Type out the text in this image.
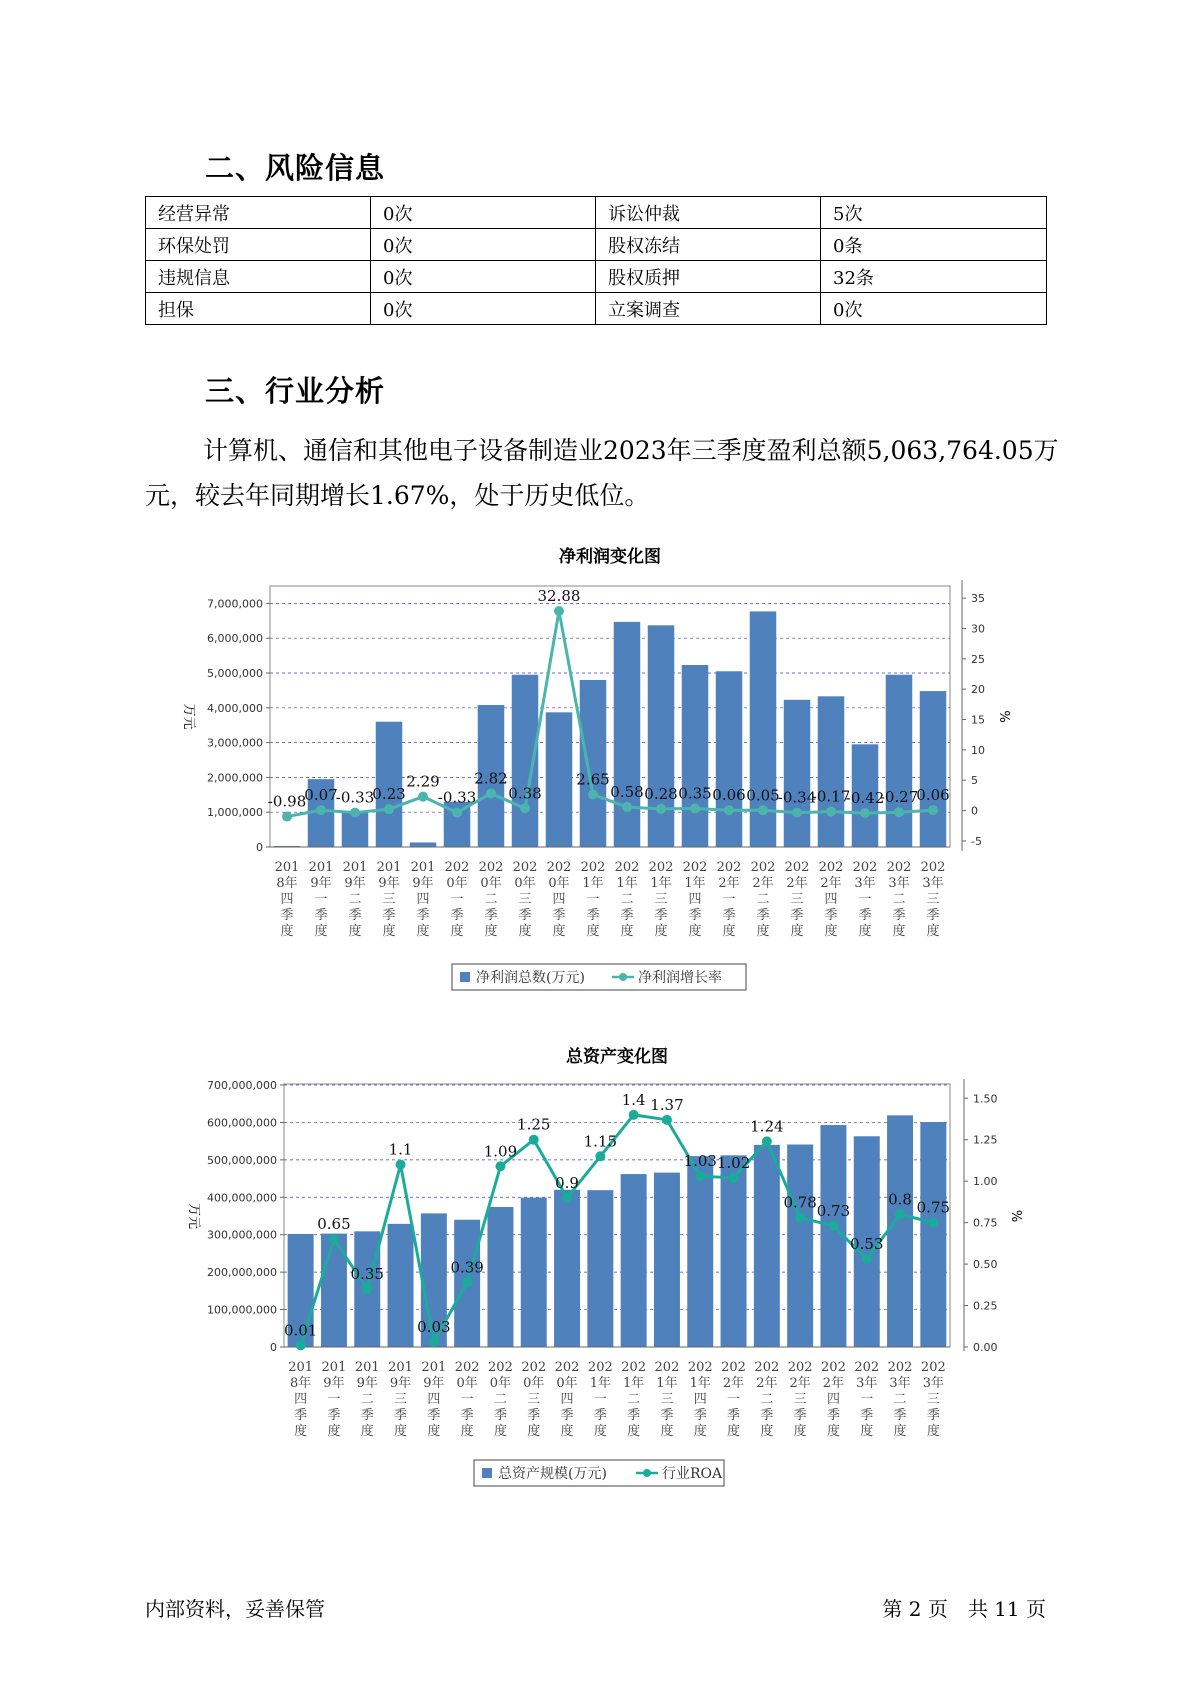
二、风险信息
经营异常	0次	诉讼仲裁	5次
环保处罚	0次	股权冻结	0条
违规信息	0次	股权质押	32条
担保	0次	立案调查	0次
三、行业分析
计算机、通信和其他电子设备制造业2023年三季度盈利总额5,063,764.05万元，较去年同期增长1.67%，处于历史低位。
净利润变化图
0
1,000,000
2,000,000
3,000,000
4,000,000
5,000,000
6,000,000
7,000,000
-5
0
5
10
15
20
25
30
35
万元	%
201
8年
四
季
度
201
9年
一
季
度
201
9年
二
季
度
201
9年
三
季
度
201
9年
四
季
度
202
0年
一
季
度
202
0年
二
季
度
202
0年
三
季
度
202
0年
四
季
度
202
1年
一
季
度
202
1年
二
季
度
202
1年
三
季
度
202
1年
四
季
度
202
2年
一
季
度
202
2年
二
季
度
202
2年
三
季
度
202
2年
四
季
度
202
3年
一
季
度
202
3年
二
季
度
202
3年
三
季
度
-0.98
0.07
-0.33
0.23
2.29
-0.33
2.82
0.38
32.88
2.65
0.58 0.28 0.35 0.06 0.05
-0.34
-0.17
-0.42
-0.27
0.06
净利润总数(万元)	净利润增长率
总资产变化图
0
100,000,000
200,000,000
300,000,000
400,000,000
500,000,000
600,000,000
700,000,000
0.00
0.25
0.50
0.75
1.00
1.25
1.50
万元	%
201
8年
四
季
度
201
9年
一
季
度
201
9年
二
季
度
201
9年
三
季
度
201
9年
四
季
度
202
0年
一
季
度
202
0年
二
季
度
202
0年
三
季
度
202
0年
四
季
度
202
1年
一
季
度
202
1年
二
季
度
202
1年
三
季
度
202
1年
四
季
度
202
2年
一
季
度
202
2年
二
季
度
202
2年
三
季
度
202
2年
四
季
度
202
3年
一
季
度
202
3年
二
季
度
202
3年
三
季
度
0.01
0.65
0.35
1.1
0.03
0.39
1.09
1.25
0.9
1.15
1.4 1.37
1.03 1.02
1.24
0.78 0.73
0.53
0.8 0.75
总资产规模(万元)	行业ROA
内部资料，妥善保管	第 2 页　共 11 页
